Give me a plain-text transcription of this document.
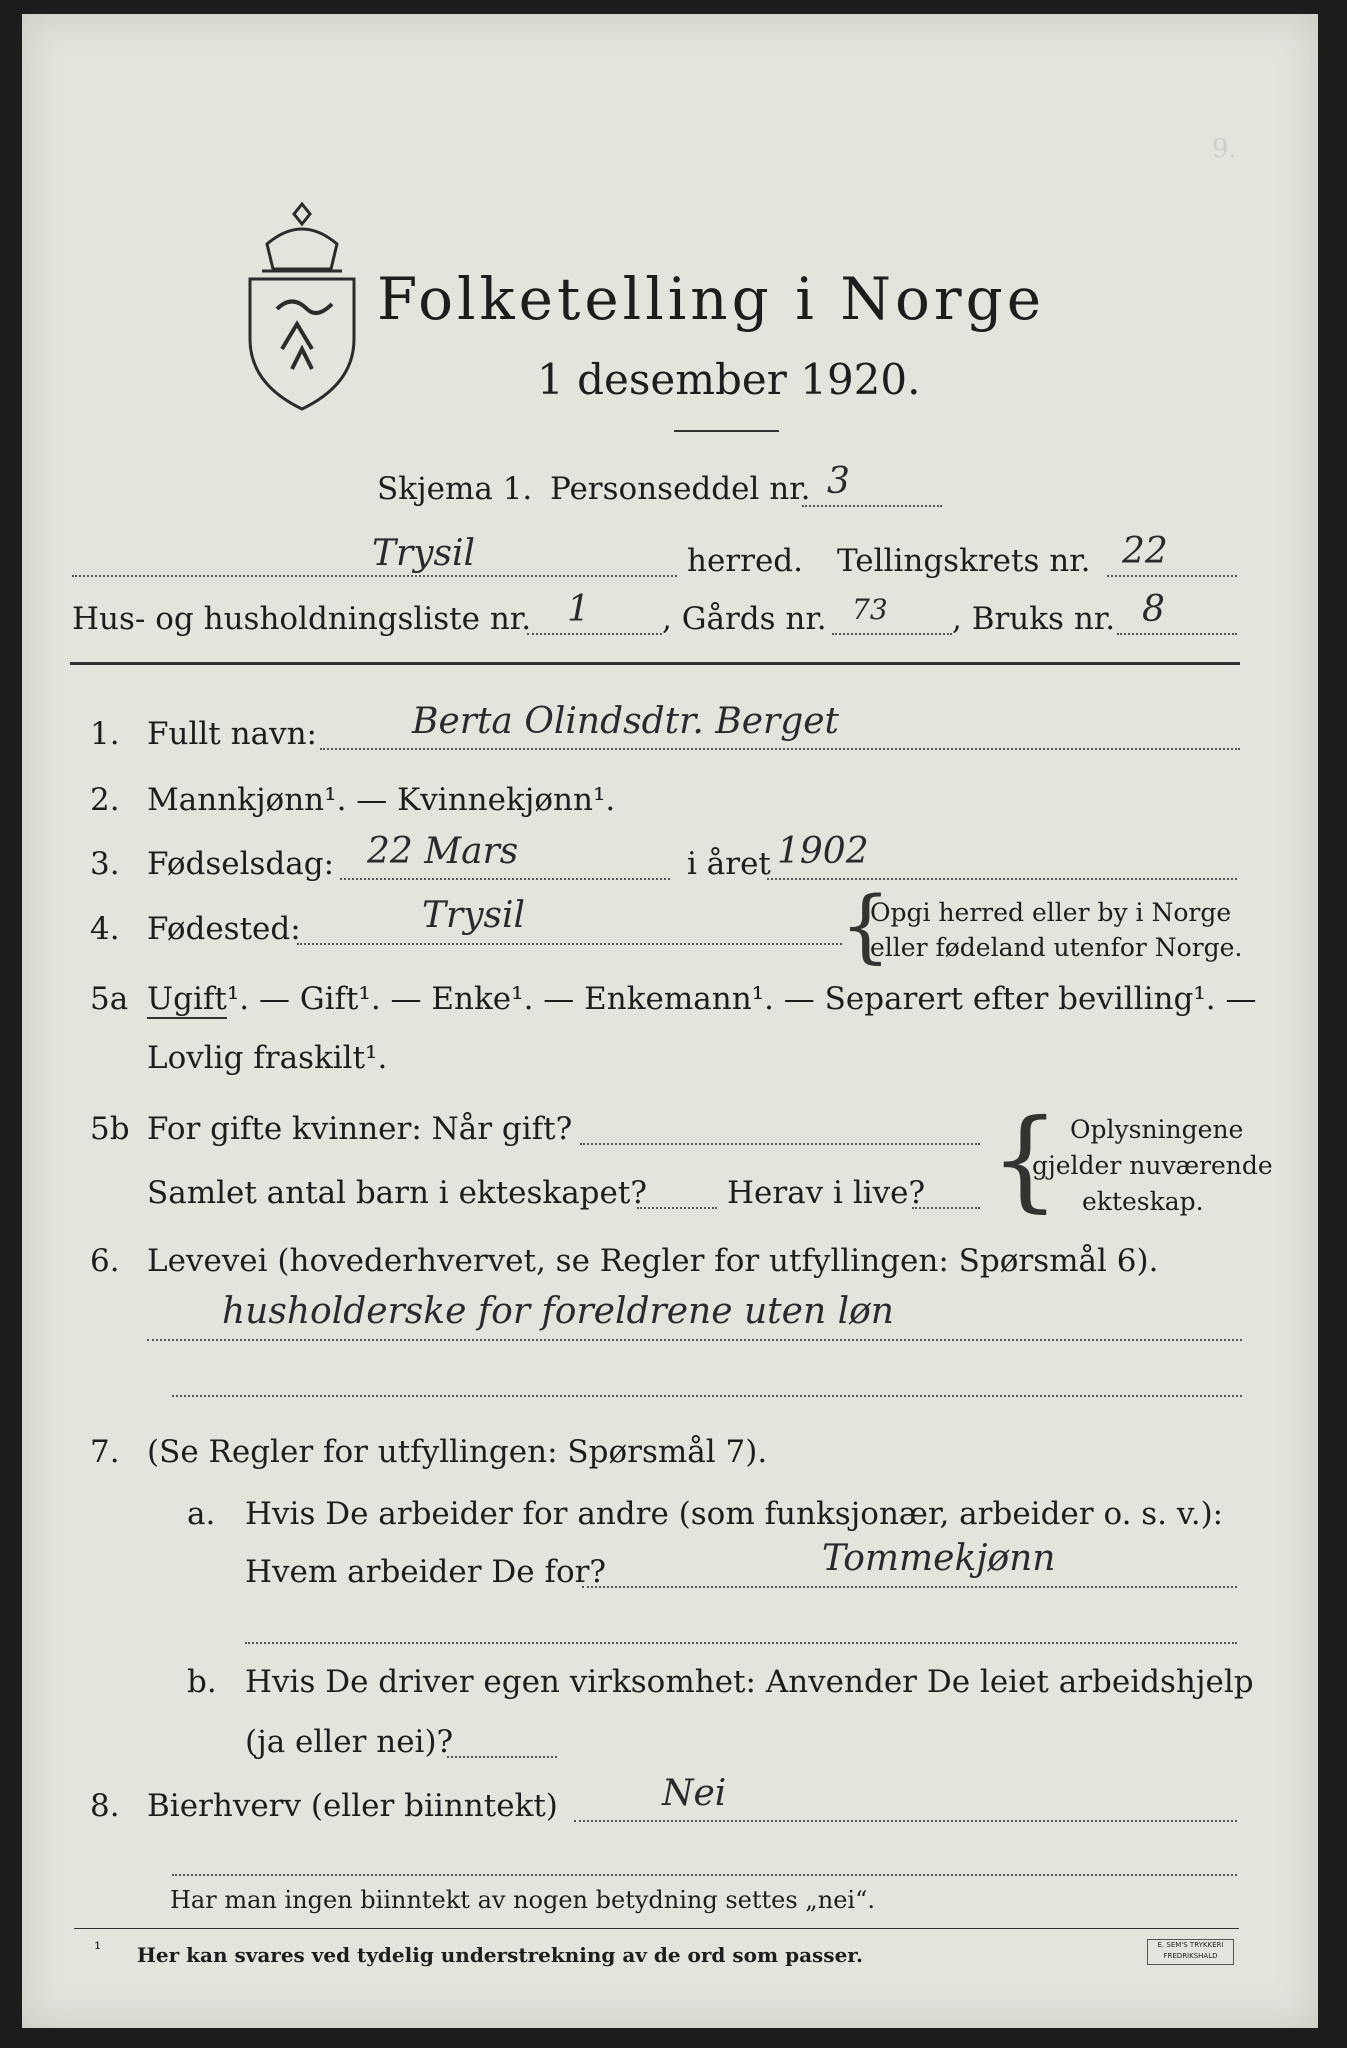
9.
Folketelling i Norge
1 desember 1920.
Skjema 1. Personseddel nr. 3
Trysil	herred. Tellingskrets nr. 22
Hus- og husholdningsliste nr. 1 , Gårds nr. 73 , Bruks nr. 8
1. Fullt navn:	Berta Olindsdtr. Berget
2. Mannkjønn¹. — Kvinnekjønn¹.
3. Fødselsdag: 22 Mars	i året 1902
4. Fødested:	Trysil	{
Opgi herred eller by i Norge
eller fødeland utenfor Norge.
5a Ugift¹. — Gift¹. — Enke¹. — Enkemann¹. — Separert efter bevilling¹. —
Lovlig fraskilt¹.
5b For gifte kvinner: Når gift?
Samlet antal barn i ekteskapet?	Herav i live? { Oplysningene
gjelder nuværende
ekteskap.
6. Levevei (hovederhvervet, se Regler for utfyllingen: Spørsmål 6).
husholderske for foreldrene uten løn
7. (Se Regler for utfyllingen: Spørsmål 7).
a. Hvis De arbeider for andre (som funksjonær, arbeider o. s. v.):
Hvem arbeider De for?	Tommekjønn
b. Hvis De driver egen virksomhet: Anvender De leiet arbeidshjelp
(ja eller nei)?
8. Bierhverv (eller biinntekt)	Nei
Har man ingen biinntekt av nogen betydning settes „nei“.
¹ Her kan svares ved tydelig understrekning av de ord som passer.	E. SEM'S TRYKKERI FREDRIKSHALD
